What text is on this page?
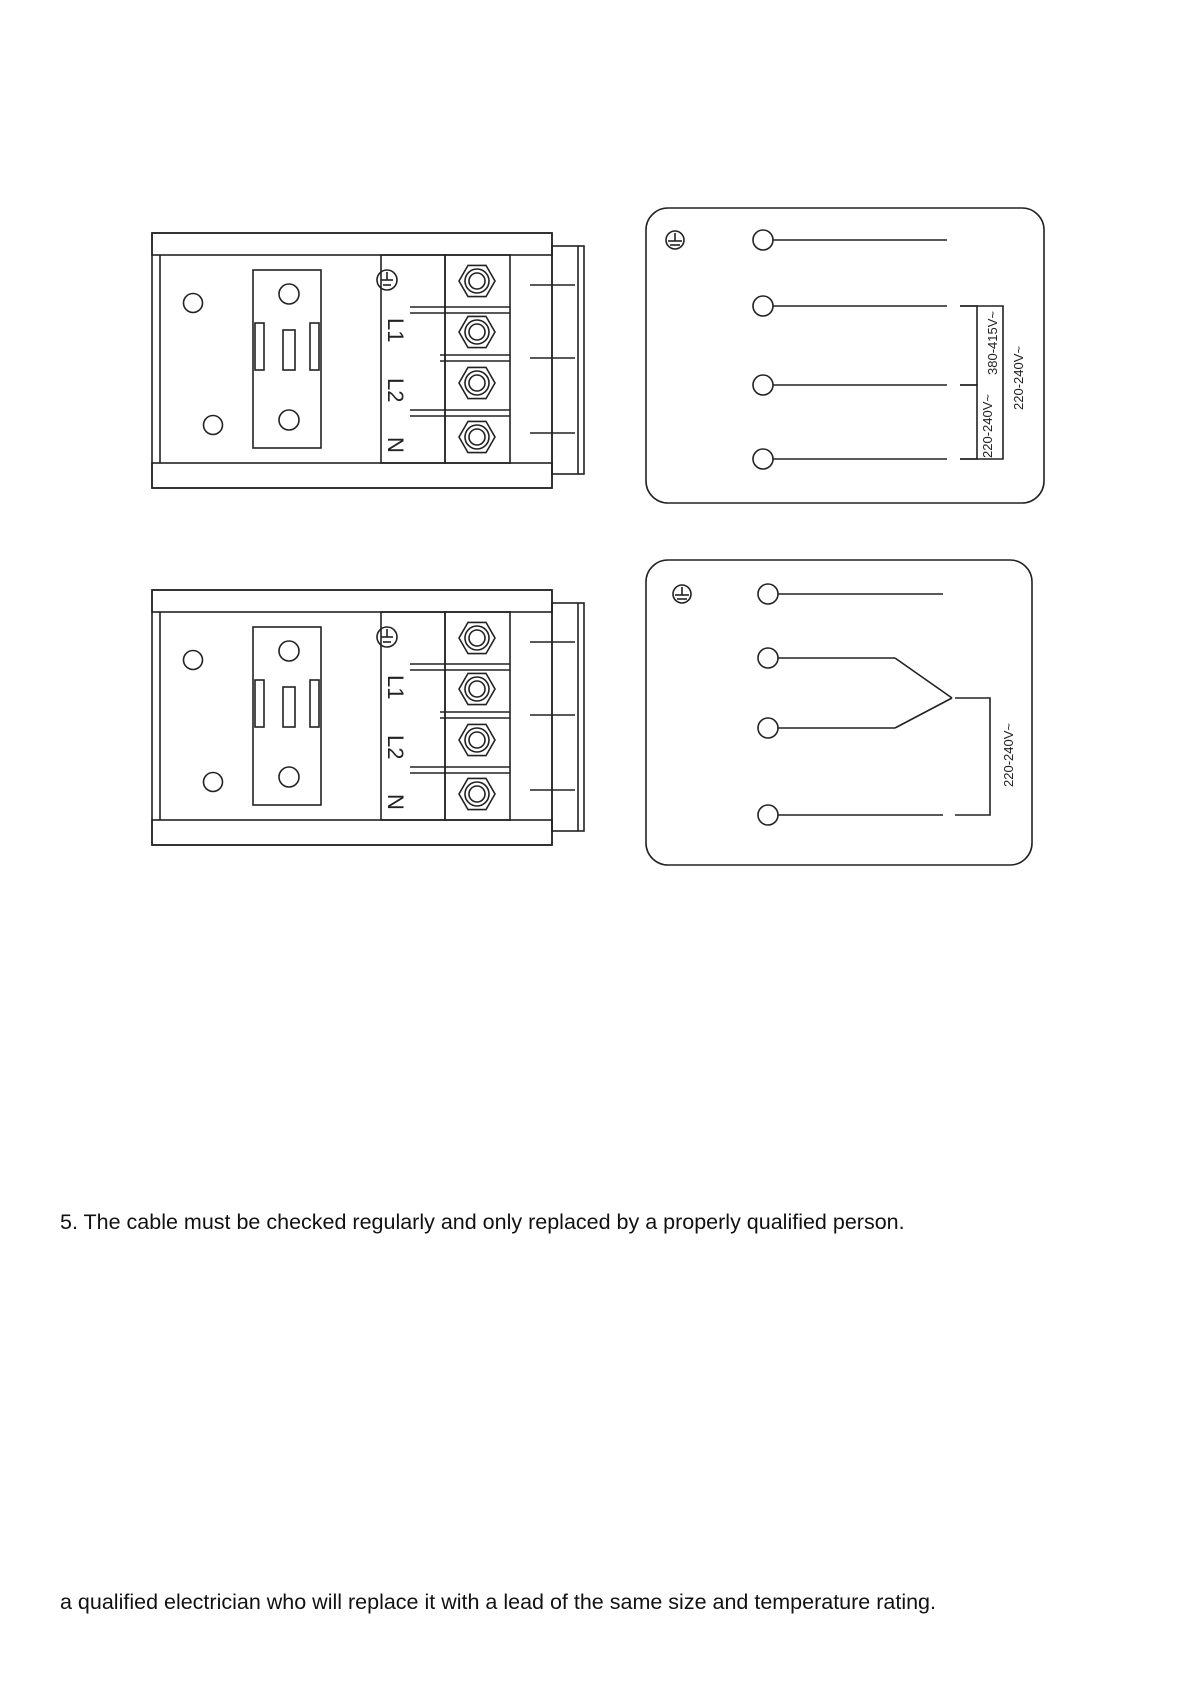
L1
L2
N
L1
L2
N
380-415V~
220-240V~
220-240V~
220-240V~
5. The cable must be checked regularly and only replaced by a properly qualified person.
a qualified electrician who will replace it with a lead of the same size and temperature rating.
